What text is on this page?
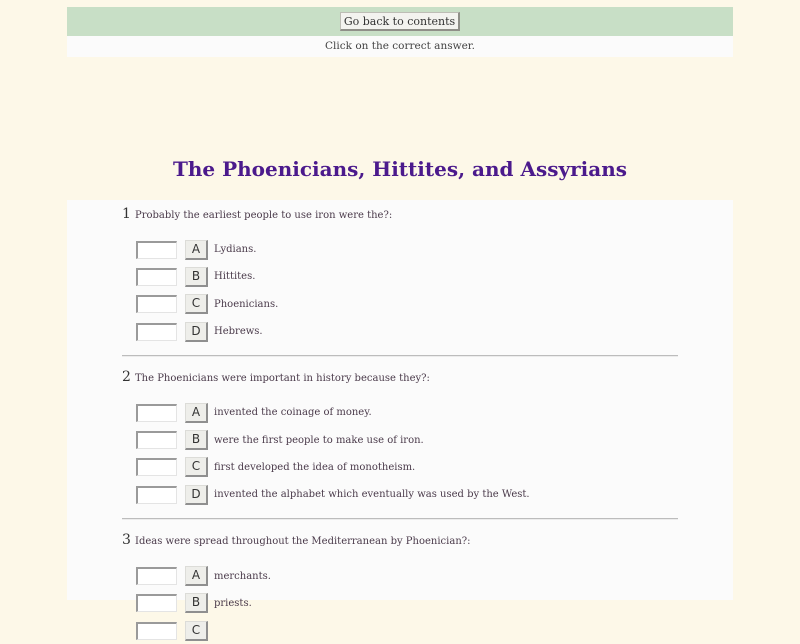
Go back to contents
Click on the correct answer.
The Phoenicians, Hittites, and Assyrians
1 Probably the earliest people to use iron were the?:
A	Lydians.
B	Hittites.
C	Phoenicians.
D	Hebrews.
2 The Phoenicians were important in history because they?:
A	invented the coinage of money.
B	were the first people to make use of iron.
C	first developed the idea of monotheism.
D	invented the alphabet which eventually was used by the West.
3 Ideas were spread throughout the Mediterranean by Phoenician?:
A	merchants.
B	priests.
C
